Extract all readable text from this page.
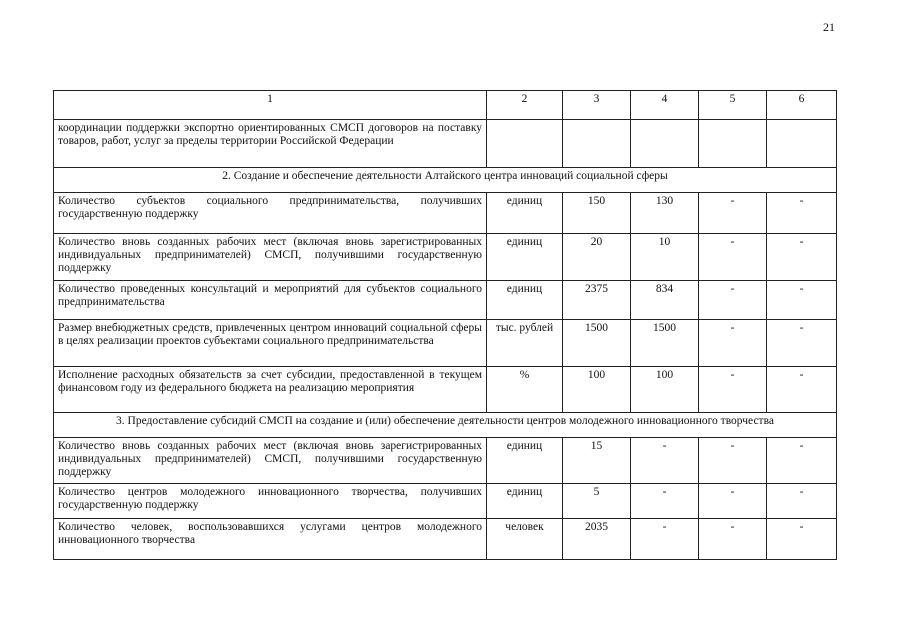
21
1	2	3	4	5	6
координации поддержки экспортно ориентированных СМСП договоров на поставку товаров, работ, услуг за пределы территории Российской Федерации					
2. Создание и обеспечение деятельности Алтайского центра инноваций социальной сферы					
Количество субъектов социального предпринимательства, получивших государственную поддержку	единиц	150	130	-	-
Количество вновь созданных рабочих мест (включая вновь зарегистрированных индивидуальных предпринимателей) СМСП, получившими государственную поддержку	единиц	20	10	-	-
Количество проведенных консультаций и мероприятий для субъектов социального предпринимательства	единиц	2375	834	-	-
Размер внебюджетных средств, привлеченных центром инноваций социальной сферы в целях реализации проектов субъектами социального предпринимательства	тыс. рублей	1500	1500	-	-
Исполнение расходных обязательств за счет субсидии, предоставленной в текущем финансовом году из федерального бюджета на реализацию мероприятия	%	100	100	-	-
3. Предоставление субсидий СМСП на создание и (или) обеспечение деятельности центров молодежного инновационного творчества					
Количество вновь созданных рабочих мест (включая вновь зарегистрированных индивидуальных предпринимателей) СМСП, получившими государственную поддержку	единиц	15	-	-	-
Количество центров молодежного инновационного творчества, получивших государственную поддержку	единиц	5	-	-	-
Количество человек, воспользовавшихся услугами центров молодежного инновационного творчества	человек	2035	-	-	-
